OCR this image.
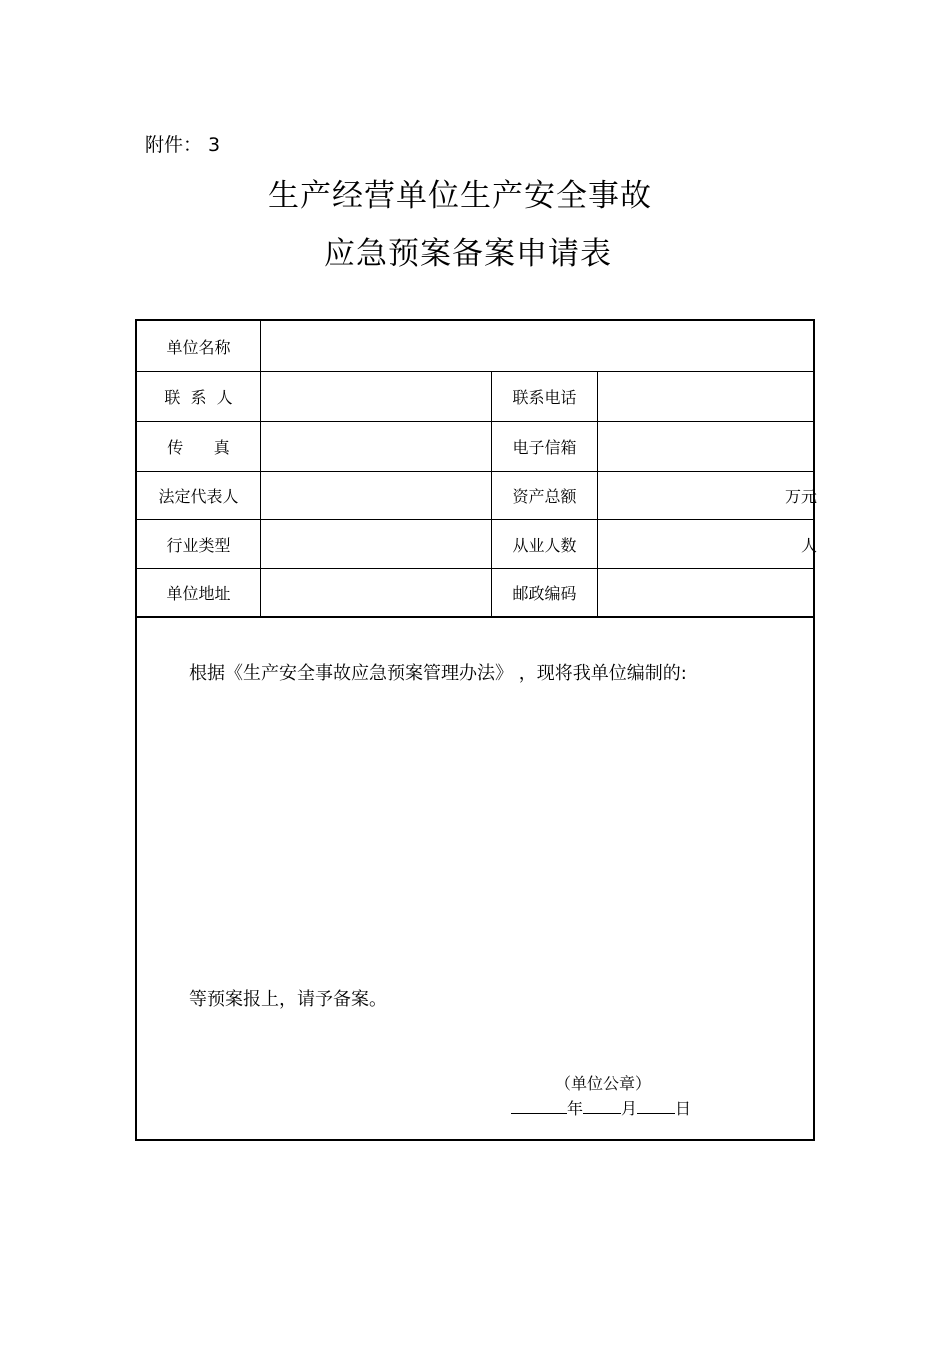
附件： 3
生产经营单位生产安全事故
应急预案备案申请表
单位名称
联  系  人	联系电话
传      真	电子信箱
法定代表人	资产总额	万元
行业类型	从业人数	人
单位地址	邮政编码
根据《生产安全事故应急预案管理办法》 ，现将我单位编制的:
等预案报上，请予备案。
（单位公章）
年 月 日
